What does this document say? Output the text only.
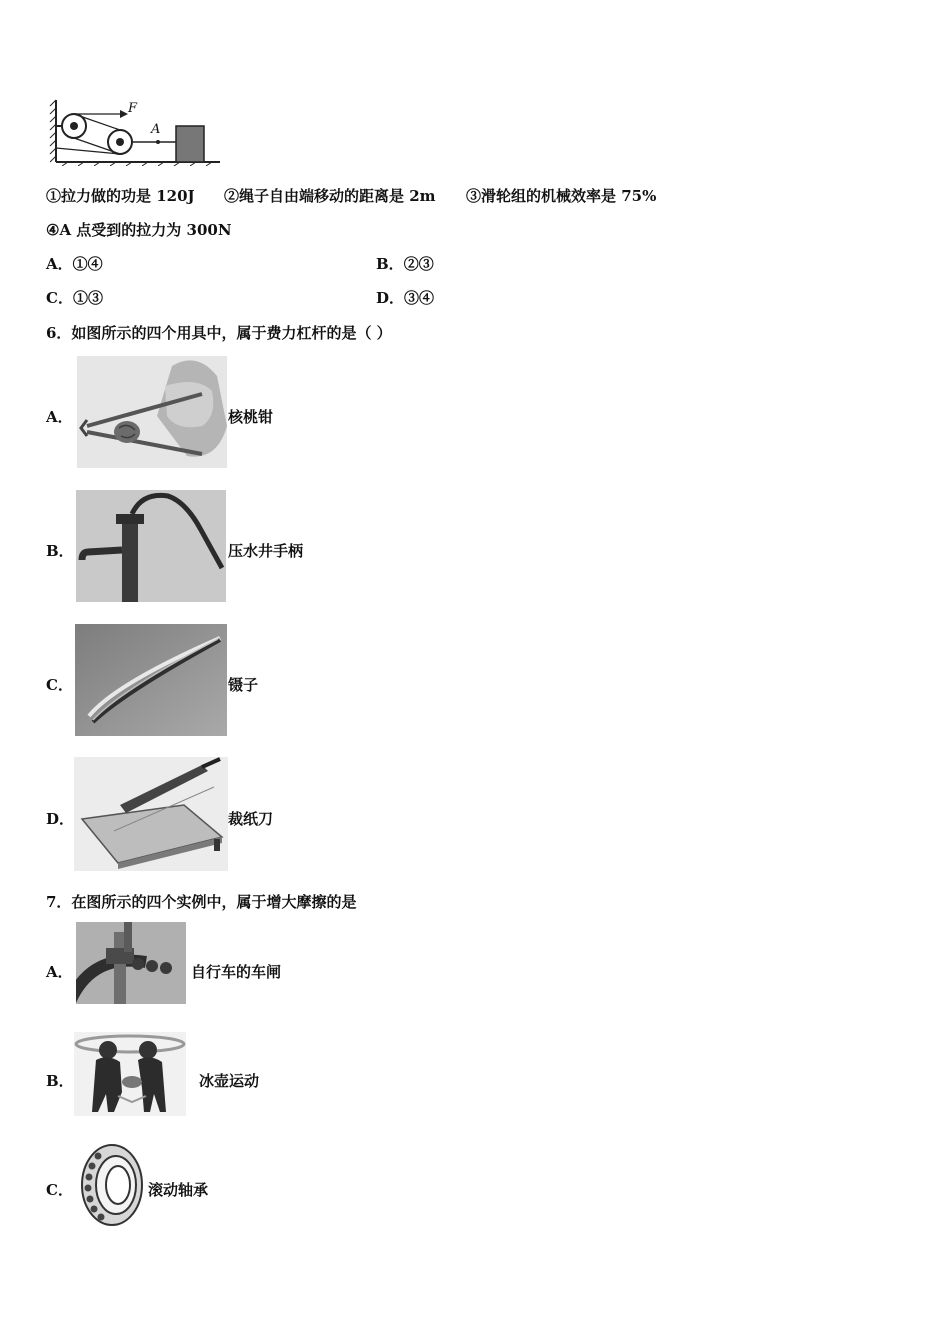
F
A
①拉力做的功是 120J ②绳子自由端移动的距离是 2m ③滑轮组的机械效率是 75%
④A 点受到的拉力为 300N
A．①④	B．②③
C．①③	D．③④
6．如图所示的四个用具中，属于费力杠杆的是（ ）
A．	核桃钳
B．	压水井手柄
C．	镊子
D．	裁纸刀
7．在图所示的四个实例中，属于增大摩擦的是
A．	自行车的车闸
B．	冰壶运动
C．	滚动轴承
